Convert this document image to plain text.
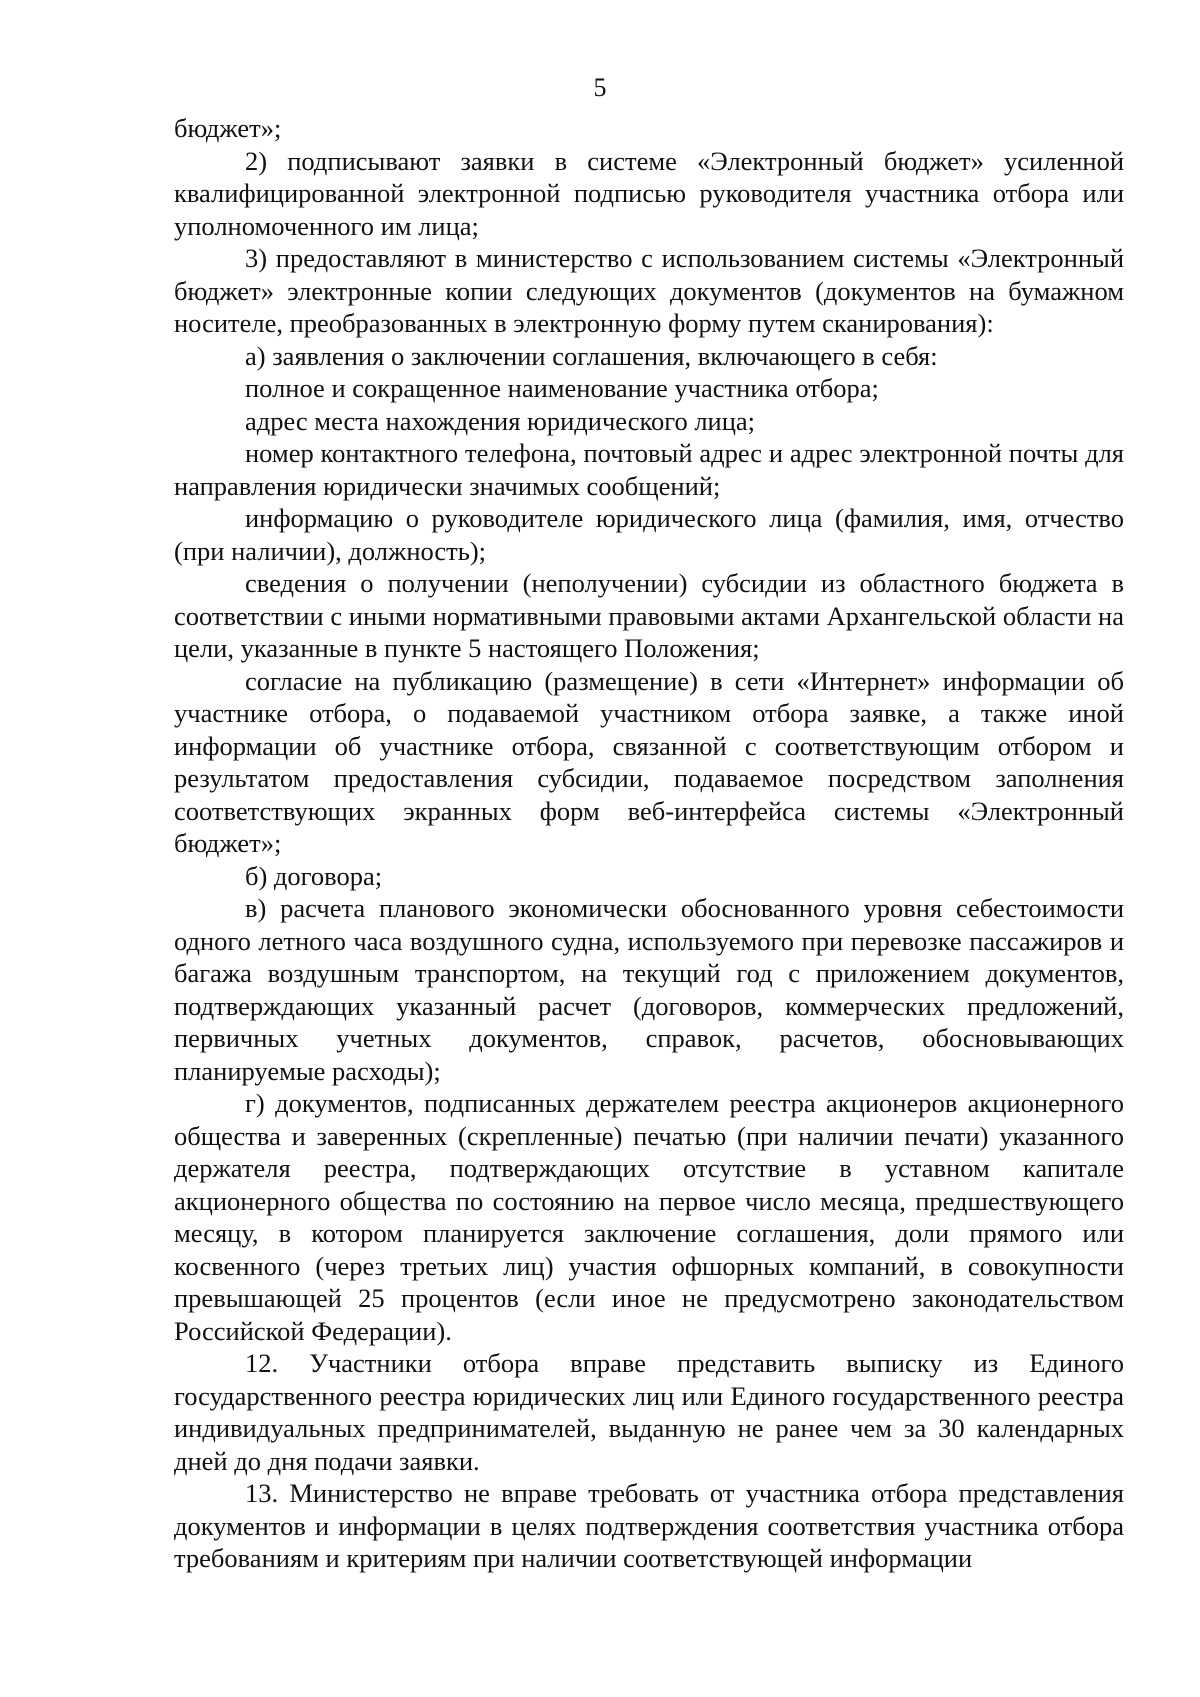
5

бюджет»;

2) подписывают заявки в системе «Электронный бюджет» усиленной квалифицированной электронной подписью руководителя участника отбора или уполномоченного им лица;

3) предоставляют в министерство с использованием системы «Электронный бюджет» электронные копии следующих документов (документов на бумажном носителе, преобразованных в электронную форму путем сканирования):

а) заявления о заключении соглашения, включающего в себя:

полное и сокращенное наименование участника отбора;

адрес места нахождения юридического лица;

номер контактного телефона, почтовый адрес и адрес электронной почты для направления юридически значимых сообщений;

информацию о руководителе юридического лица (фамилия, имя, отчество (при наличии), должность);

сведения о получении (неполучении) субсидии из областного бюджета в соответствии с иными нормативными правовыми актами Архангельской области на цели, указанные в пункте 5 настоящего Положения;

согласие на публикацию (размещение) в сети «Интернет» информации об участнике отбора, о подаваемой участником отбора заявке, а также иной информации об участнике отбора, связанной с соответствующим отбором и результатом предоставления субсидии, подаваемое посредством заполнения соответствующих экранных форм веб-интерфейса системы «Электронный бюджет»;

б) договора;

в) расчета планового экономически обоснованного уровня себестоимости одного летного часа воздушного судна, используемого при перевозке пассажиров и багажа воздушным транспортом, на текущий год с приложением документов, подтверждающих указанный расчет (договоров, коммерческих предложений, первичных учетных документов, справок, расчетов, обосновывающих планируемые расходы);

г) документов, подписанных держателем реестра акционеров акционерного общества и заверенных (скрепленные) печатью (при наличии печати) указанного держателя реестра, подтверждающих отсутствие в уставном капитале акционерного общества по состоянию на первое число месяца, предшествующего месяцу, в котором планируется заключение соглашения, доли прямого или косвенного (через третьих лиц) участия офшорных компаний, в совокупности превышающей 25 процентов (если иное не предусмотрено законодательством Российской Федерации).

12. Участники отбора вправе представить выписку из Единого государственного реестра юридических лиц или Единого государственного реестра индивидуальных предпринимателей, выданную не ранее чем за 30 календарных дней до дня подачи заявки.

13. Министерство не вправе требовать от участника отбора представления документов и информации в целях подтверждения соответствия участника отбора требованиям и критериям при наличии соответствующей информации
